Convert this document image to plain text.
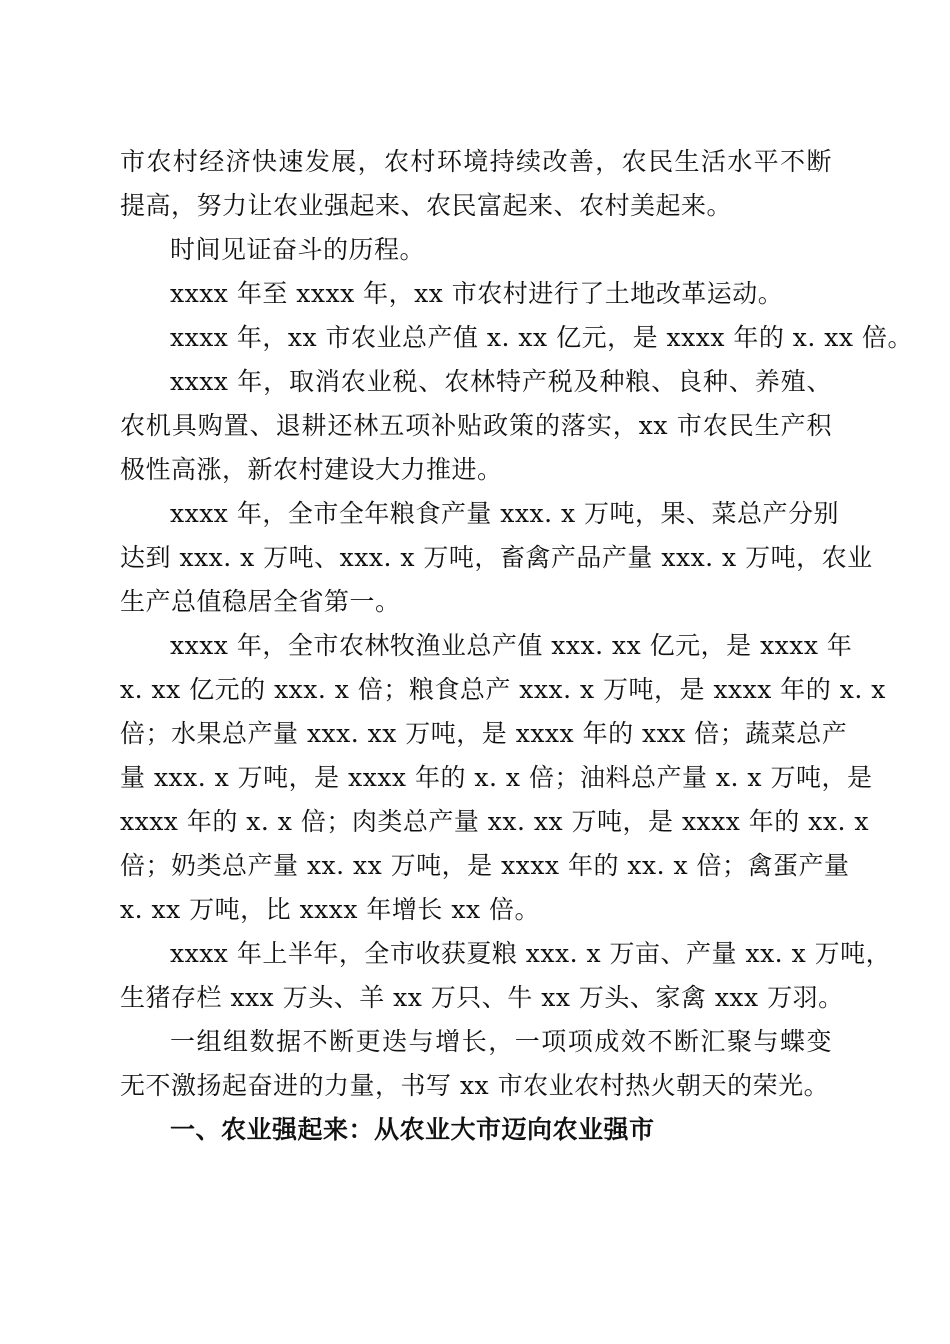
市农村经济快速发展，农村环境持续改善，农民生活水平不断
提高，努力让农业强起来、农民富起来、农村美起来。
时间见证奋斗的历程。
xxxx 年至 xxxx 年，xx 市农村进行了土地改革运动。
xxxx 年，xx 市农业总产值 x. xx 亿元，是 xxxx 年的 x. xx 倍。
xxxx 年，取消农业税、农林特产税及种粮、良种、养殖、
农机具购置、退耕还林五项补贴政策的落实，xx 市农民生产积
极性高涨，新农村建设大力推进。
xxxx 年，全市全年粮食产量 xxx. x 万吨，果、菜总产分别
达到 xxx. x 万吨、xxx. x 万吨，畜禽产品产量 xxx. x 万吨，农业
生产总值稳居全省第一。
xxxx 年，全市农林牧渔业总产值 xxx. xx 亿元，是 xxxx 年
x. xx 亿元的 xxx. x 倍；粮食总产 xxx. x 万吨，是 xxxx 年的 x. x
倍；水果总产量 xxx. xx 万吨，是 xxxx 年的 xxx 倍；蔬菜总产
量 xxx. x 万吨，是 xxxx 年的 x. x 倍；油料总产量 x. x 万吨，是
xxxx 年的 x. x 倍；肉类总产量 xx. xx 万吨，是 xxxx 年的 xx. x
倍；奶类总产量 xx. xx 万吨，是 xxxx 年的 xx. x 倍；禽蛋产量
x. xx 万吨，比 xxxx 年增长 xx 倍。
xxxx 年上半年，全市收获夏粮 xxx. x 万亩、产量 xx. x 万吨，
生猪存栏 xxx 万头、羊 xx 万只、牛 xx 万头、家禽 xxx 万羽。
一组组数据不断更迭与增长，一项项成效不断汇聚与蝶变
无不激扬起奋进的力量，书写 xx 市农业农村热火朝天的荣光。
一、农业强起来：从农业大市迈向农业强市
